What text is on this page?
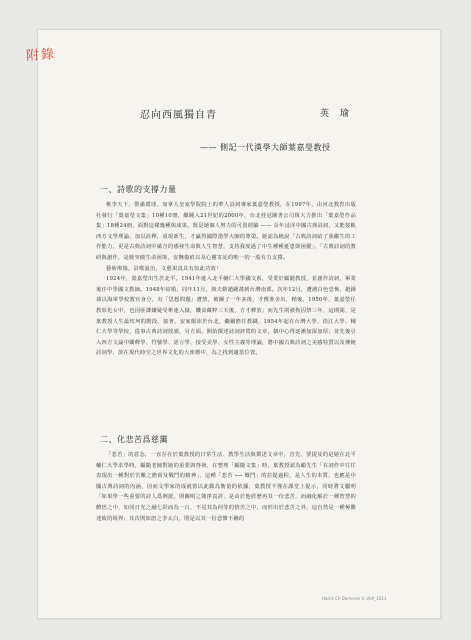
附錄
忍向西風獨自青	英 瑜
—— 側記一代漢學大師葉嘉瑩教授
一、詩歌的支撐力量

桃李天下，譽滿環球，加拿大皇家學院院士的華人詩詞專家葉嘉瑩教授，在1997年，由河北教育出版社發行「葉嘉瑩文集」10種10冊，繼踵入21世紀的2000年，台北桂冠圖書公司復大力推出「葉嘉瑩作品集」18種24冊，面對這樣幾種與成果，既是她個人努力的可貴經驗 —— 長年浸淫中國古典詩詞，又能接軌西方文學理論，加以詮釋，重現新生，才贏得國際漢學大師的尊榮。她認為統說「古典詩詞給了我繼生的工作能力，更是古典詩詞中蘊含的感發生命與人生智慧，支持我度過了中生種種憂患與困優」，「古典詩詞的教研與創作，是她突破生命困境，安撫傷痕以及心靈寄託的唯一的一股有力支撐。

藝術療傷，詩歌說治，文藝果真具有如此功效！

1924年，葉嘉瑩出生於北平。1941年進入北平輔仁大學國文系，受業於顧隨教授，並創作詩詞，畢業後任中學國文教師。1948年結婚，同年11月，與夫婿趙鍾蓀到台灣南部。次年12月，遭遇白色恐怖，趙鍾蓀以海軍學校教官身分，有「思想問題」遭禁，被關了一年多後，才獲准舍出，稍後，1950年，葉嘉瑩任教彰化女中，也因匪諜嫌疑受牽連入獄，饑食藏粹三天後，方才釋放；而先生則被拘囚禁三年，這期間，是葉教授人生最坎坷的階段，接著，安家顛沛於台北，繼續擔任教職，1954年起在台灣大學、淡江大學、輔仁大學等學校，從事古典詩詞授課，另方面，開始撰述詩詞評賞的文章，個中心得逐漸加深加厚；並先後引入西方文論中闡釋學、符號學、語言學、接受美學、女性主義等理論，將中國古典詩詞之美感特質以及傳統詩詞學，放在現代時空之世界文化的大座標中，為之找到適當位置。

二、化悲苦爲慈靄

「悲苦」的意念，一直存在於葉教授的日常生活、教學生活與撰述文章中，首先，要提及的是她在北平輔仁大學求學時，顧隨老師對她的重要與啓發，在整理「顧隨文集」時，葉教授認為顧先生「在詞作中往往表現出一種對於苦難之擔荷及戰鬥的精神」，這種「悲苦 ⟷ 戰鬥」的拉提過程，是人生的本質，也應是中國古典詩詞的內涵，因而文學家的成就當以此做為衡量的依據，葉教授不僅在課堂上提示，同時將文屬明「如果學一些重要的詩人爲例證，則關明之簡淨真詳，是由於他經歷再其一份悲苦，而融化解於一種智慧的體悟之中，如同日光之融七彩而為一白，不見其為何等的情苦之中，而形出於悲苦之外，這自然是一種極難達致的境界；其次則如唐之李太白，則是以其一份悲慘不羈的

Harris Ch Dameron V. ch#_1013
